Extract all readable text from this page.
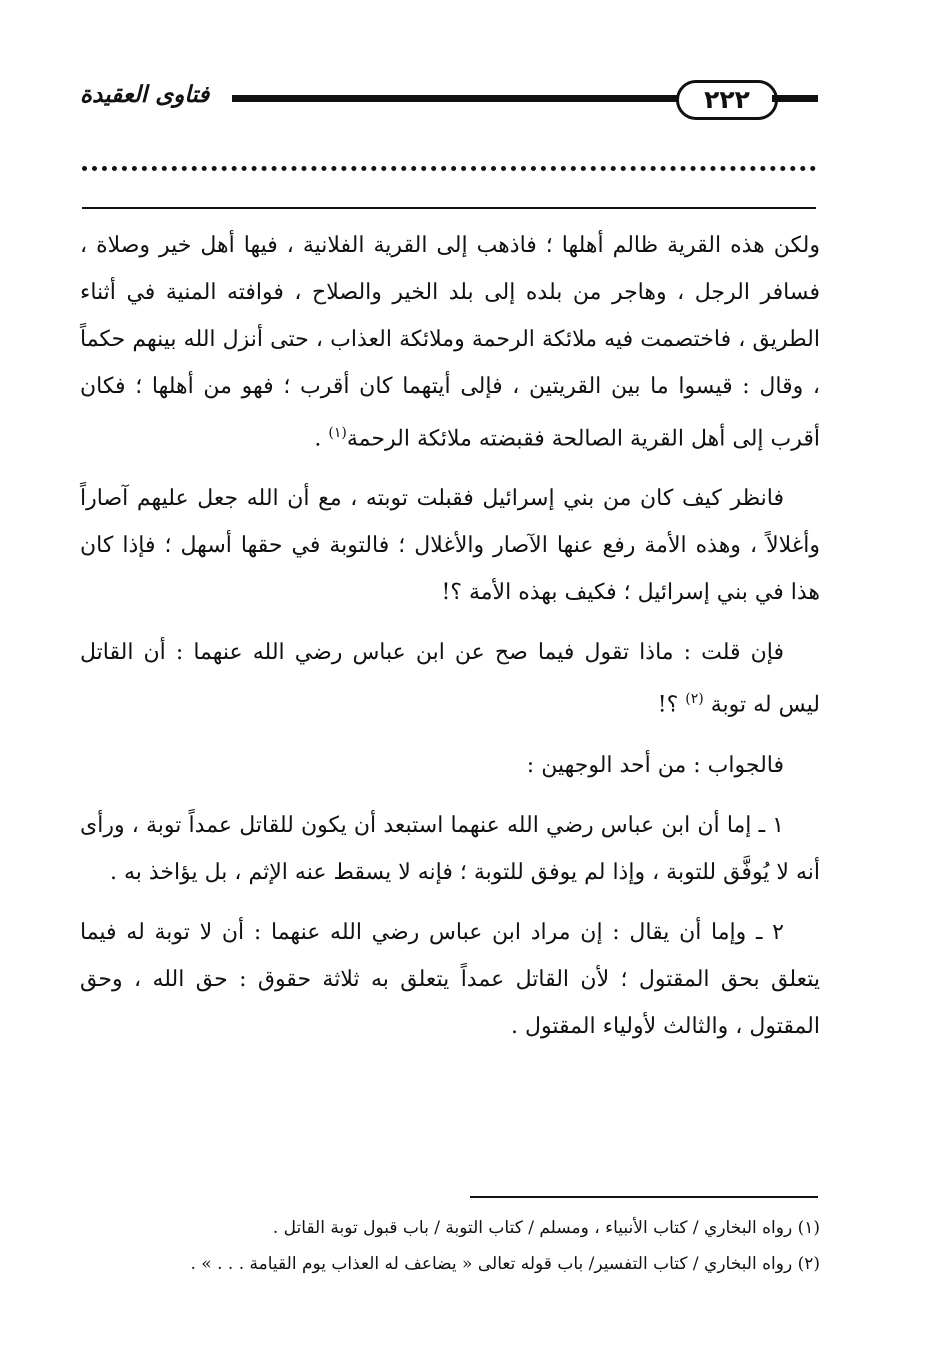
فتاوى العقيدة	٢٢٢

ولكن هذه القرية ظالم أهلها ؛ فاذهب إلى القرية الفلانية ، فيها أهل خير وصلاة ، فسافر الرجل ، وهاجر من بلده إلى بلد الخير والصلاح ، فوافته المنية في أثناء الطريق ، فاختصمت فيه ملائكة الرحمة وملائكة العذاب ، حتى أنزل الله بينهم حكماً ، وقال : قيسوا ما بين القريتين ، فإلى أيتهما كان أقرب ؛ فهو من أهلها ؛ فكان أقرب إلى أهل القرية الصالحة فقبضته ملائكة الرحمة$^{(١)}$ .

فانظر كيف كان من بني إسرائيل فقبلت توبته ، مع أن الله جعل عليهم آصاراً وأغلالاً ، وهذه الأمة رفع عنها الآصار والأغلال ؛ فالتوبة في حقها أسهل ؛ فإذا كان هذا في بني إسرائيل ؛ فكيف بهذه الأمة ؟!

فإن قلت : ماذا تقول فيما صح عن ابن عباس رضي الله عنهما : أن القاتل ليس له توبة $^{(٢)}$ ؟!

فالجواب : من أحد الوجهين :

١ ـ إما أن ابن عباس رضي الله عنهما استبعد أن يكون للقاتل عمداً توبة ، ورأى أنه لا يُوفَّق للتوبة ، وإذا لم يوفق للتوبة ؛ فإنه لا يسقط عنه الإثم ، بل يؤاخذ به .

٢ ـ وإما أن يقال : إن مراد ابن عباس رضي الله عنهما : أن لا توبة له فيما يتعلق بحق المقتول ؛ لأن القاتل عمداً يتعلق به ثلاثة حقوق : حق الله ، وحق المقتول ، والثالث لأولياء المقتول .

(١) رواه البخاري / كتاب الأنبياء ، ومسلم / كتاب التوبة / باب قبول توبة القاتل .
(٢) رواه البخاري / كتاب التفسير/ باب قوله تعالى « يضاعف له العذاب يوم القيامة . . . » .
